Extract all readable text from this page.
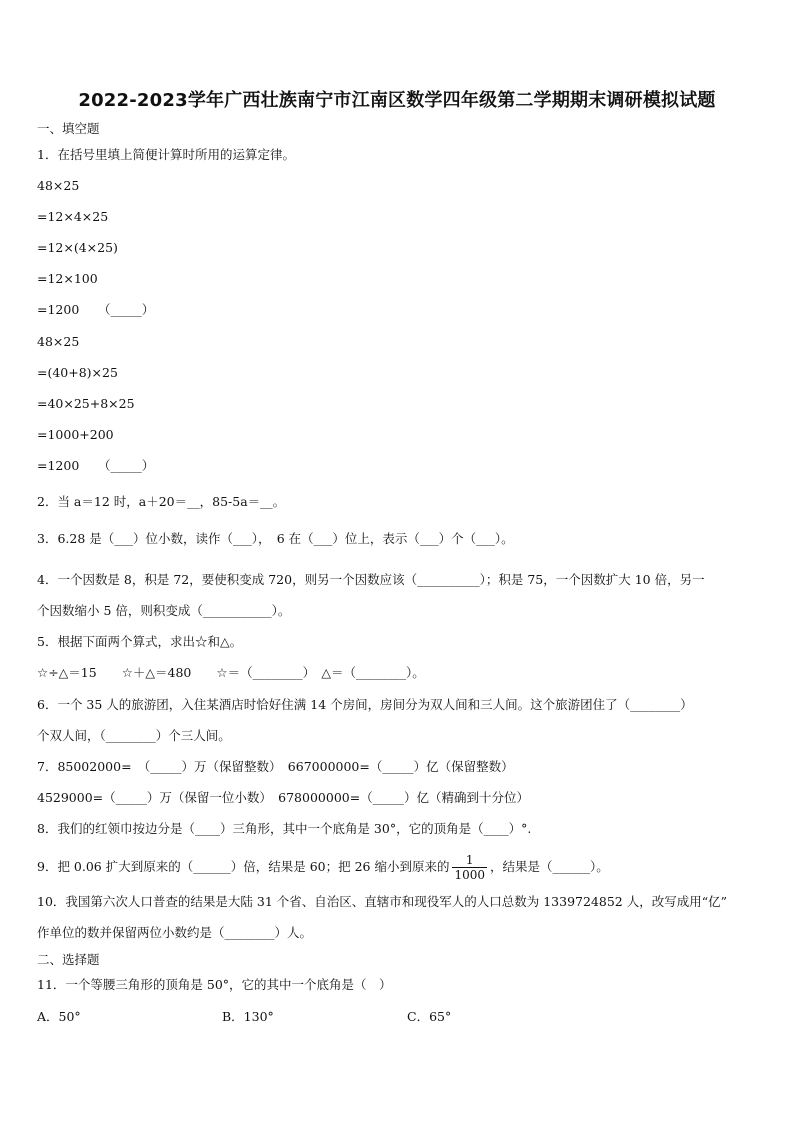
2022-2023学年广西壮族南宁市江南区数学四年级第二学期期末调研模拟试题
一、填空题
1．在括号里填上简便计算时所用的运算定律。
48×25
=12×4×25
=12×(4×25)
=12×100
=1200　　（_____）
48×25
=(40+8)×25
=40×25+8×25
=1000+200
=1200　　（_____）
2．当 a＝12 时，a＋20＝__，85-5a＝__。
3．6.28 是（___）位小数，读作（___），　6 在（___）位上，表示（___）个（___）。
4．一个因数是 8，积是 72，要使积变成 720，则另一个因数应该（__________）；积是 75，一个因数扩大 10 倍，另一
个因数缩小 5 倍，则积变成（___________）。
5．根据下面两个算式，求出☆和△。
☆÷△＝15　　☆＋△＝480　　☆＝（________）　△＝（________）。
6．一个 35 人的旅游团，入住某酒店时恰好住满 14 个房间，房间分为双人间和三人间。这个旅游团住了（________）
个双人间，（________）个三人间。
7．85002000=　（_____）万（保留整数）　667000000=（_____）亿（保留整数）
4529000=（_____）万（保留一位小数）　678000000=（_____）亿（精确到十分位）
8．我们的红领巾按边分是（____）三角形，其中一个底角是 30°，它的顶角是（____）°.
9．把 0.06 扩大到原来的（______）倍，结果是 60；把 26 缩小到原来的 $\frac{1}{1000}$ ，结果是（______）。
10．我国第六次人口普查的结果是大陆 31 个省、自治区、直辖市和现役军人的人口总数为 1339724852 人，改写成用“亿”
作单位的数并保留两位小数约是（________）人。
二、选择题
11．一个等腰三角形的顶角是 50°，它的其中一个底角是（　）
A．50°	B．130°	C．65°
